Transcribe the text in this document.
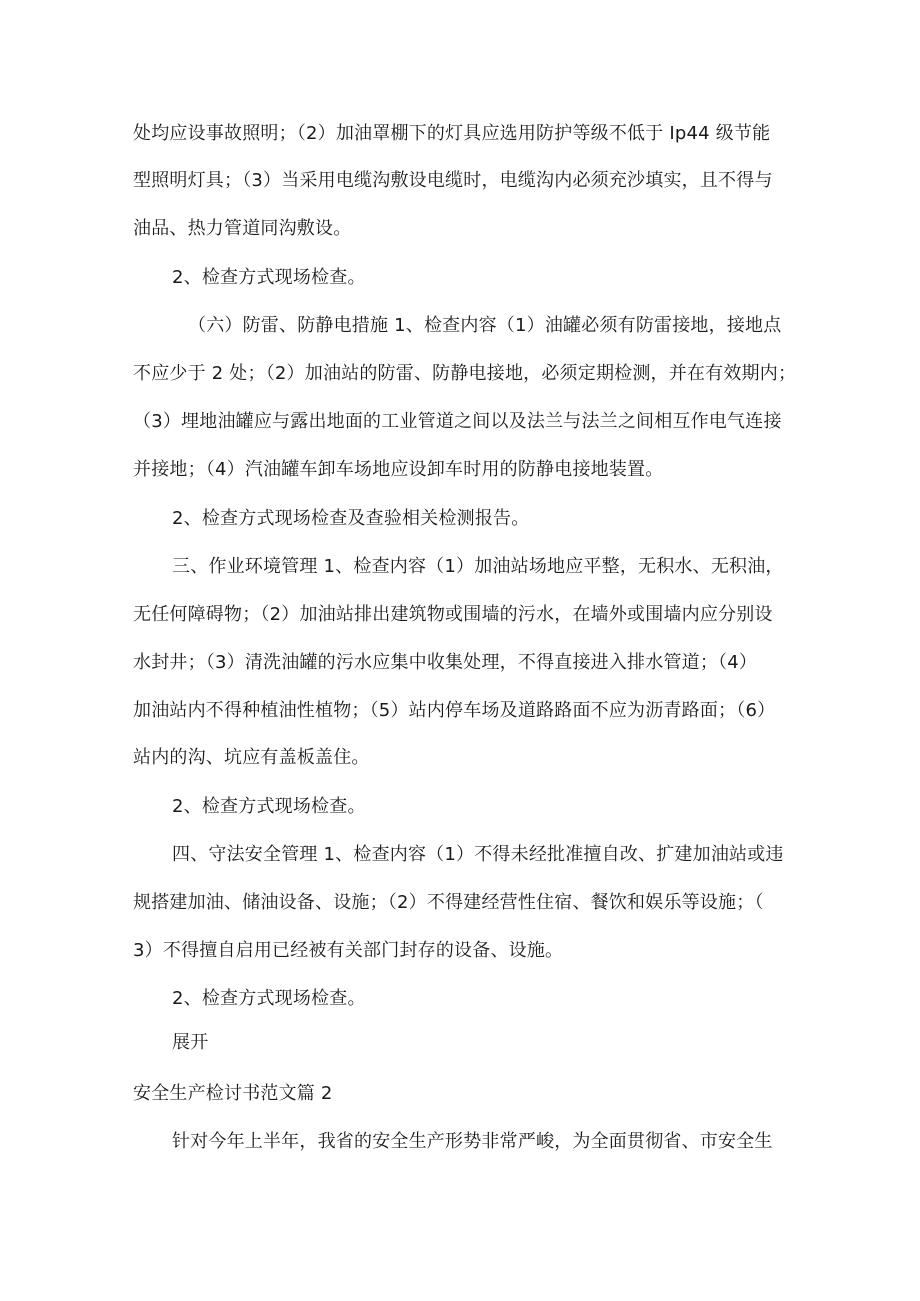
处均应设事故照明；（2）加油罩棚下的灯具应选用防护等级不低于 Ip44 级节能
型照明灯具；（3）当采用电缆沟敷设电缆时，电缆沟内必须充沙填实，且不得与
油品、热力管道同沟敷设。
2、检查方式现场检查。
（六）防雷、防静电措施 1、检查内容（1）油罐必须有防雷接地，接地点
不应少于 2 处；（2）加油站的防雷、防静电接地，必须定期检测，并在有效期内；
（3）埋地油罐应与露出地面的工业管道之间以及法兰与法兰之间相互作电气连接
并接地；（4）汽油罐车卸车场地应设卸车时用的防静电接地装置。
2、检查方式现场检查及查验相关检测报告。
三、作业环境管理 1、检查内容（1）加油站场地应平整，无积水、无积油，
无任何障碍物；（2）加油站排出建筑物或围墙的污水，在墙外或围墙内应分别设
水封井；（3）清洗油罐的污水应集中收集处理，不得直接进入排水管道；（4）
加油站内不得种植油性植物；（5）站内停车场及道路路面不应为沥青路面；（6）
站内的沟、坑应有盖板盖住。
2、检查方式现场检查。
四、守法安全管理 1、检查内容（1）不得未经批准擅自改、扩建加油站或违
规搭建加油、储油设备、设施；（2）不得建经营性住宿、餐饮和娱乐等设施；（
3）不得擅自启用已经被有关部门封存的设备、设施。
2、检查方式现场检查。
展开
安全生产检讨书范文篇 2
针对今年上半年，我省的安全生产形势非常严峻，为全面贯彻省、市安全生
